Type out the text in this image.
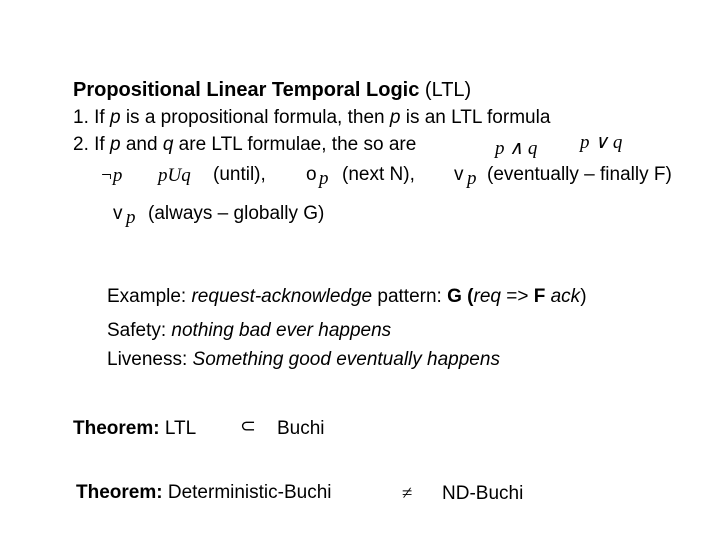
Propositional Linear Temporal Logic (LTL)
1. If p is a propositional formula, then p is an LTL formula
2. If p and q are LTL formulae, the so are	p ∧ q p ∨ q
¬p pUq (until), o p (next N), v p (eventually – finally F)
v p (always – globally G)
Example: request-acknowledge pattern: G (req => F ack)
Safety: nothing bad ever happens
Liveness: Something good eventually happens
Theorem: LTL ⊂ Buchi
Theorem: Deterministic-Buchi	≠ ND-Buchi
